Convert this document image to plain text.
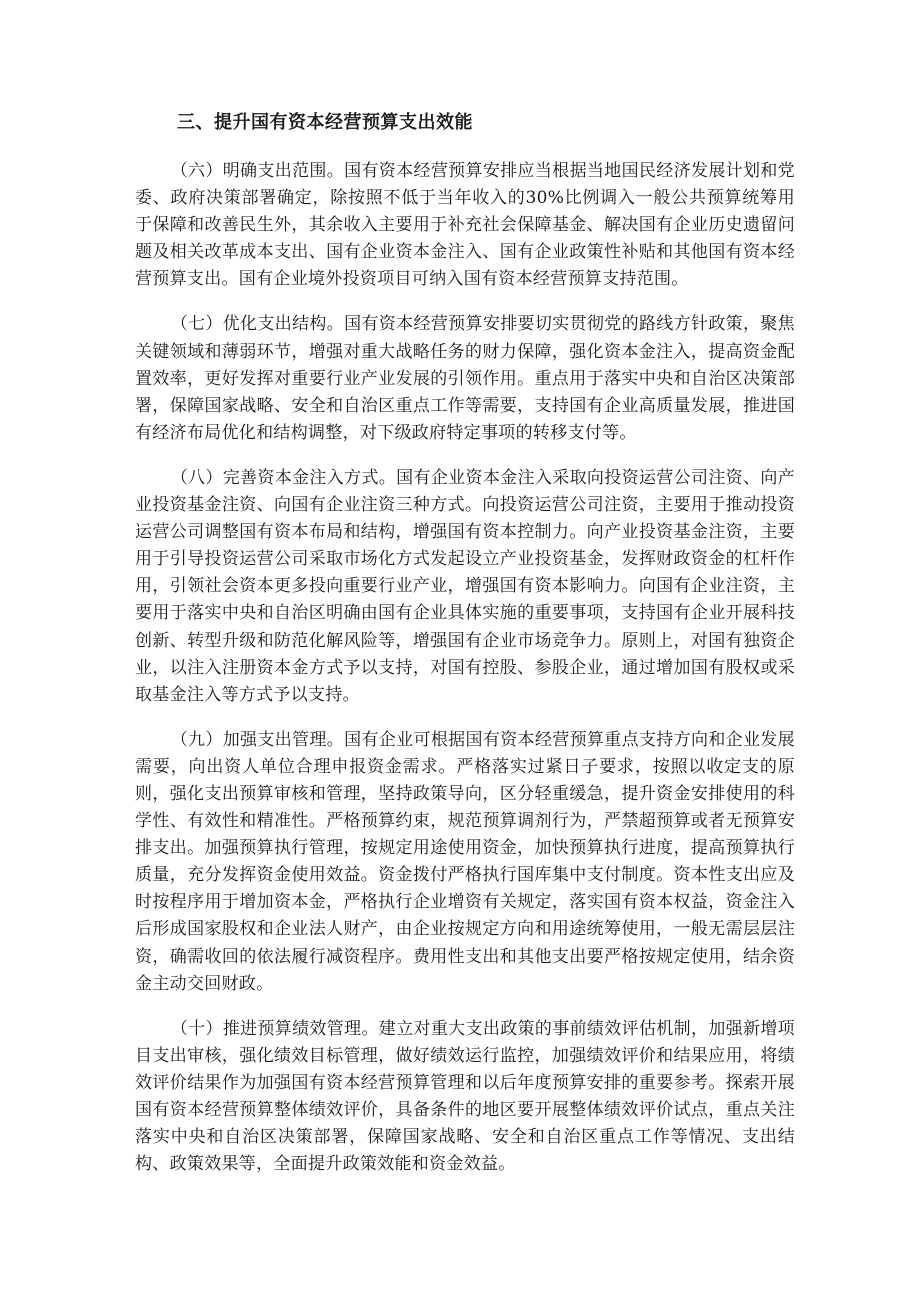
三、提升国有资本经营预算支出效能

（六）明确支出范围。国有资本经营预算安排应当根据当地国民经济发展计划和党委、政府决策部署确定，除按照不低于当年收入的30%比例调入一般公共预算统筹用于保障和改善民生外，其余收入主要用于补充社会保障基金、解决国有企业历史遗留问题及相关改革成本支出、国有企业资本金注入、国有企业政策性补贴和其他国有资本经营预算支出。国有企业境外投资项目可纳入国有资本经营预算支持范围。

（七）优化支出结构。国有资本经营预算安排要切实贯彻党的路线方针政策，聚焦关键领域和薄弱环节，增强对重大战略任务的财力保障，强化资本金注入，提高资金配置效率，更好发挥对重要行业产业发展的引领作用。重点用于落实中央和自治区决策部署，保障国家战略、安全和自治区重点工作等需要，支持国有企业高质量发展，推进国有经济布局优化和结构调整，对下级政府特定事项的转移支付等。

（八）完善资本金注入方式。国有企业资本金注入采取向投资运营公司注资、向产业投资基金注资、向国有企业注资三种方式。向投资运营公司注资，主要用于推动投资运营公司调整国有资本布局和结构，增强国有资本控制力。向产业投资基金注资，主要用于引导投资运营公司采取市场化方式发起设立产业投资基金，发挥财政资金的杠杆作用，引领社会资本更多投向重要行业产业，增强国有资本影响力。向国有企业注资，主要用于落实中央和自治区明确由国有企业具体实施的重要事项，支持国有企业开展科技创新、转型升级和防范化解风险等，增强国有企业市场竞争力。原则上，对国有独资企业，以注入注册资本金方式予以支持，对国有控股、参股企业，通过增加国有股权或采取基金注入等方式予以支持。

（九）加强支出管理。国有企业可根据国有资本经营预算重点支持方向和企业发展需要，向出资人单位合理申报资金需求。严格落实过紧日子要求，按照以收定支的原则，强化支出预算审核和管理，坚持政策导向，区分轻重缓急，提升资金安排使用的科学性、有效性和精准性。严格预算约束，规范预算调剂行为，严禁超预算或者无预算安排支出。加强预算执行管理，按规定用途使用资金，加快预算执行进度，提高预算执行质量，充分发挥资金使用效益。资金拨付严格执行国库集中支付制度。资本性支出应及时按程序用于增加资本金，严格执行企业增资有关规定，落实国有资本权益，资金注入后形成国家股权和企业法人财产，由企业按规定方向和用途统筹使用，一般无需层层注资，确需收回的依法履行减资程序。费用性支出和其他支出要严格按规定使用，结余资金主动交回财政。

（十）推进预算绩效管理。建立对重大支出政策的事前绩效评估机制，加强新增项目支出审核，强化绩效目标管理，做好绩效运行监控，加强绩效评价和结果应用，将绩效评价结果作为加强国有资本经营预算管理和以后年度预算安排的重要参考。探索开展国有资本经营预算整体绩效评价，具备条件的地区要开展整体绩效评价试点，重点关注落实中央和自治区决策部署，保障国家战略、安全和自治区重点工作等情况、支出结构、政策效果等，全面提升政策效能和资金效益。
